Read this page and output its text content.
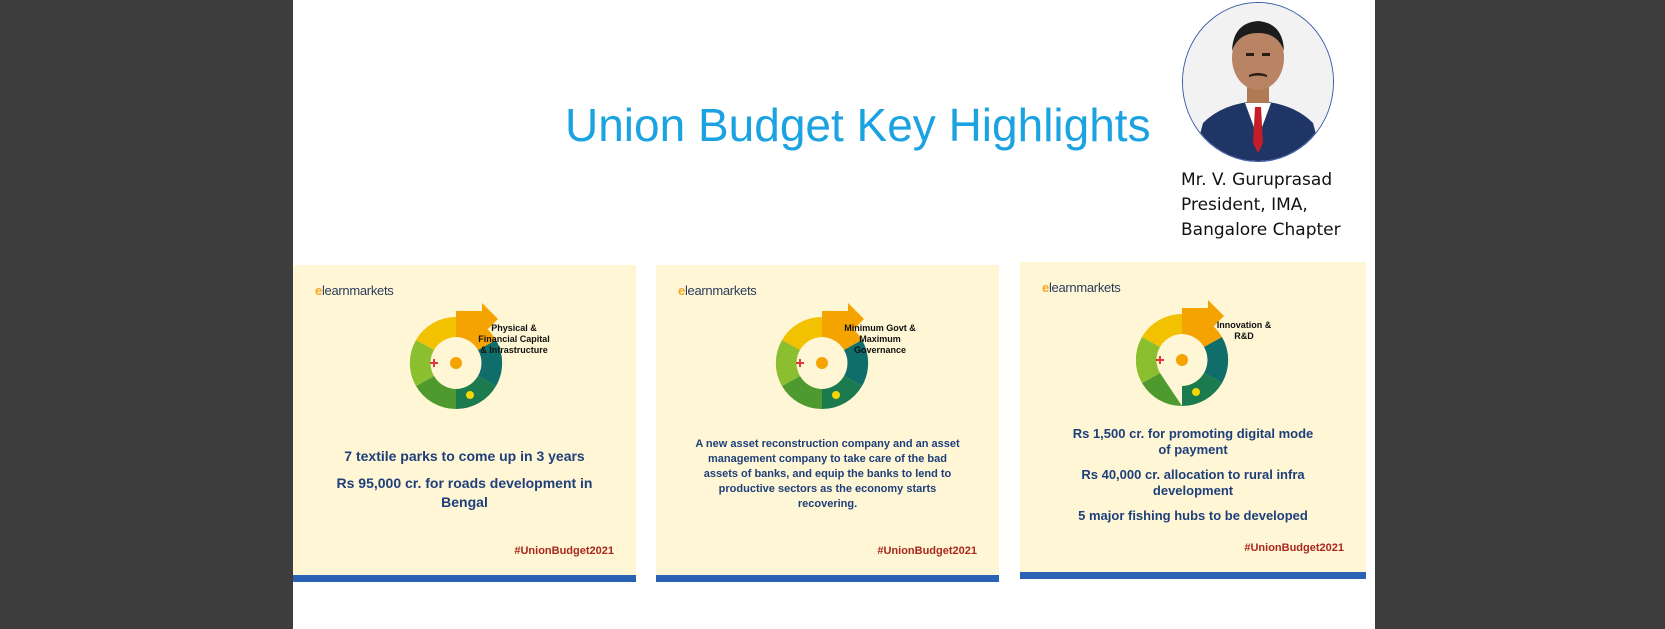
Union Budget Key Highlights
Mr. V. Guruprasad
President, IMA,
Bangalore Chapter
elearnmarkets
Physical &
Financial Capital
& Infrastructure
7 textile parks to come up in 3 years
Rs 95,000 cr. for roads development in Bengal
#UnionBudget2021
elearnmarkets
Minimum Govt &
Maximum
Governance
A new asset reconstruction company and an asset management company to take care of the bad assets of banks, and equip the banks to lend to productive sectors as the economy starts recovering.
#UnionBudget2021
elearnmarkets
Innovation &
R&D
Rs 1,500 cr. for promoting digital mode of payment
Rs 40,000 cr. allocation to rural infra development
5 major fishing hubs to be developed
#UnionBudget2021
